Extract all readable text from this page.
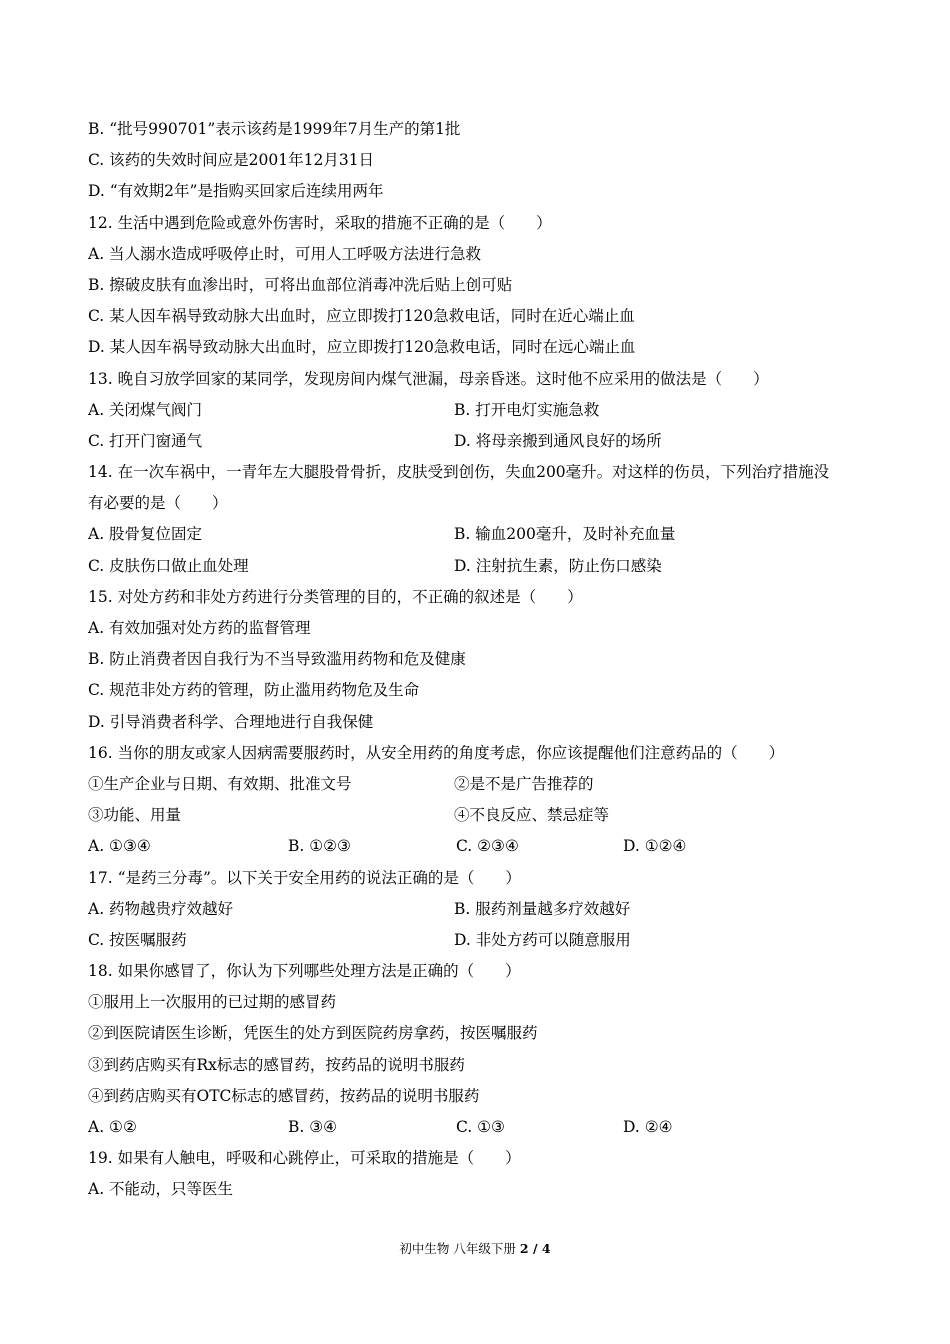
B. “批号990701”表示该药是1999年7月生产的第1批
C. 该药的失效时间应是2001年12月31日
D. “有效期2年”是指购买回家后连续用两年
12. 生活中遇到危险或意外伤害时，采取的措施不正确的是（　　）
A. 当人溺水造成呼吸停止时，可用人工呼吸方法进行急救
B. 擦破皮肤有血渗出时，可将出血部位消毒冲洗后贴上创可贴
C. 某人因车祸导致动脉大出血时，应立即拨打120急救电话，同时在近心端止血
D. 某人因车祸导致动脉大出血时，应立即拨打120急救电话，同时在远心端止血
13. 晚自习放学回家的某同学，发现房间内煤气泄漏，母亲昏迷。这时他不应采用的做法是（　　）
A. 关闭煤气阀门	B. 打开电灯实施急救
C. 打开门窗通气	D. 将母亲搬到通风良好的场所
14. 在一次车祸中，一青年左大腿股骨骨折，皮肤受到创伤，失血200毫升。对这样的伤员，下列治疗措施没
有必要的是（　　）
A. 股骨复位固定	B. 输血200毫升，及时补充血量
C. 皮肤伤口做止血处理	D. 注射抗生素，防止伤口感染
15. 对处方药和非处方药进行分类管理的目的，不正确的叙述是（　　）
A. 有效加强对处方药的监督管理
B. 防止消费者因自我行为不当导致滥用药物和危及健康
C. 规范非处方药的管理，防止滥用药物危及生命
D. 引导消费者科学、合理地进行自我保健
16. 当你的朋友或家人因病需要服药时，从安全用药的角度考虑，你应该提醒他们注意药品的（　　）
①生产企业与日期、有效期、批准文号	②是不是广告推荐的
③功能、用量	④不良反应、禁忌症等
A. ①③④	B. ①②③	C. ②③④	D. ①②④
17. “是药三分毒”。以下关于安全用药的说法正确的是（　　）
A. 药物越贵疗效越好	B. 服药剂量越多疗效越好
C. 按医嘱服药	D. 非处方药可以随意服用
18. 如果你感冒了，你认为下列哪些处理方法是正确的（　　）
①服用上一次服用的已过期的感冒药
②到医院请医生诊断，凭医生的处方到医院药房拿药，按医嘱服药
③到药店购买有Rx标志的感冒药，按药品的说明书服药
④到药店购买有OTC标志的感冒药，按药品的说明书服药
A. ①②	B. ③④	C. ①③	D. ②④
19. 如果有人触电，呼吸和心跳停止，可采取的措施是（　　）
A. 不能动，只等医生
初中生物 八年级下册 2 / 4
